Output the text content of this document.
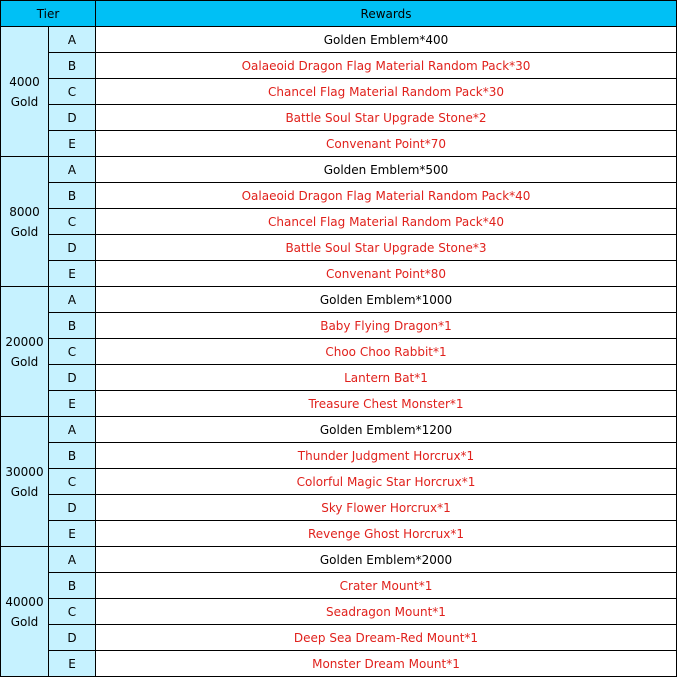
Tier		Rewards

4000
Gold	A	Golden Emblem*400
	B	Oalaeoid Dragon Flag Material Random Pack*30
	C	Chancel Flag Material Random Pack*30
	D	Battle Soul Star Upgrade Stone*2
	E	Convenant Point*70

8000
Gold	A	Golden Emblem*500
	B	Oalaeoid Dragon Flag Material Random Pack*40
	C	Chancel Flag Material Random Pack*40
	D	Battle Soul Star Upgrade Stone*3
	E	Convenant Point*80

20000
Gold	A	Golden Emblem*1000
	B	Baby Flying Dragon*1
	C	Choo Choo Rabbit*1
	D	Lantern Bat*1
	E	Treasure Chest Monster*1

30000
Gold	A	Golden Emblem*1200
	B	Thunder Judgment Horcrux*1
	C	Colorful Magic Star Horcrux*1
	D	Sky Flower Horcrux*1
	E	Revenge Ghost Horcrux*1

40000
Gold	A	Golden Emblem*2000
	B	Crater Mount*1
	C	Seadragon Mount*1
	D	Deep Sea Dream-Red Mount*1
	E	Monster Dream Mount*1
